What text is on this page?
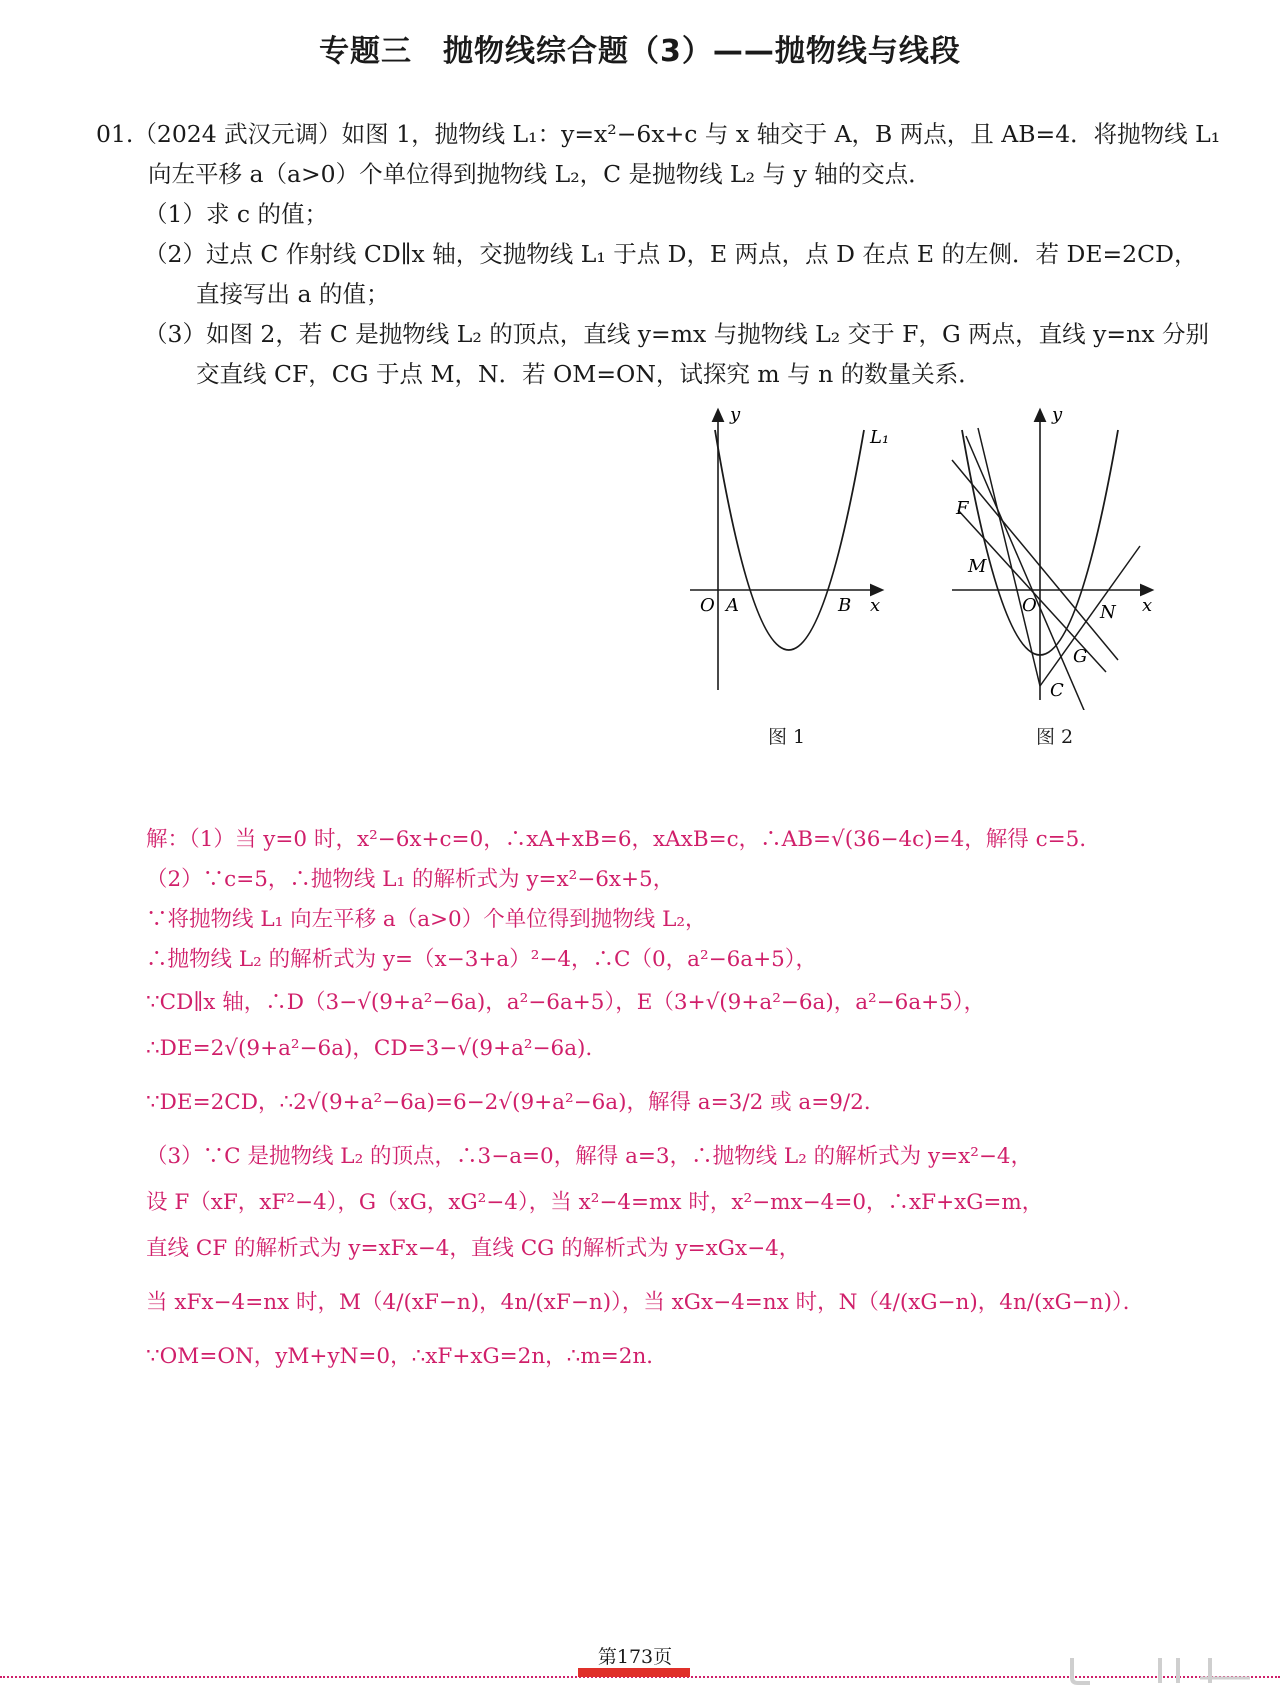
专题三　抛物线综合题（3）——抛物线与线段
01.（2024 武汉元调）如图 1，抛物线 L₁：y=x²−6x+c 与 x 轴交于 A，B 两点，且 AB=4．将抛物线 L₁
向左平移 a（a>0）个单位得到抛物线 L₂，C 是抛物线 L₂ 与 y 轴的交点．
（1）求 c 的值；
（2）过点 C 作射线 CD∥x 轴，交抛物线 L₁ 于点 D，E 两点，点 D 在点 E 的左侧．若 DE=2CD，
直接写出 a 的值；
（3）如图 2，若 C 是抛物线 L₂ 的顶点，直线 y=mx 与抛物线 L₂ 交于 F，G 两点，直线 y=nx 分别
交直线 CF，CG 于点 M，N．若 OM=ON，试探究 m 与 n 的数量关系．
y
x
O A	B
L₁
图 1
y
x
O
F
M
N
G
C
图 2
解：（1）当 y=0 时，x²−6x+c=0，∴xA+xB=6，xAxB=c，∴AB=√(36−4c)=4，解得 c=5．
（2）∵c=5，∴抛物线 L₁ 的解析式为 y=x²−6x+5，
∵将抛物线 L₁ 向左平移 a（a>0）个单位得到抛物线 L₂，
∴抛物线 L₂ 的解析式为 y=（x−3+a）²−4，∴C（0，a²−6a+5），
∵CD∥x 轴，∴D（3−√(9+a²−6a)，a²−6a+5），E（3+√(9+a²−6a)，a²−6a+5），
∴DE=2√(9+a²−6a)，CD=3−√(9+a²−6a)．
∵DE=2CD，∴2√(9+a²−6a)=6−2√(9+a²−6a)，解得 a=3/2 或 a=9/2．
（3）∵C 是抛物线 L₂ 的顶点，∴3−a=0，解得 a=3，∴抛物线 L₂ 的解析式为 y=x²−4，
设 F（xF，xF²−4），G（xG，xG²−4），当 x²−4=mx 时，x²−mx−4=0，∴xF+xG=m，
直线 CF 的解析式为 y=xFx−4，直线 CG 的解析式为 y=xGx−4，
当 xFx−4=nx 时，M（4/(xF−n)，4n/(xF−n)），当 xGx−4=nx 时，N（4/(xG−n)，4n/(xG−n)）．
∵OM=ON，yM+yN=0，∴xF+xG=2n，∴m=2n．
第173页
